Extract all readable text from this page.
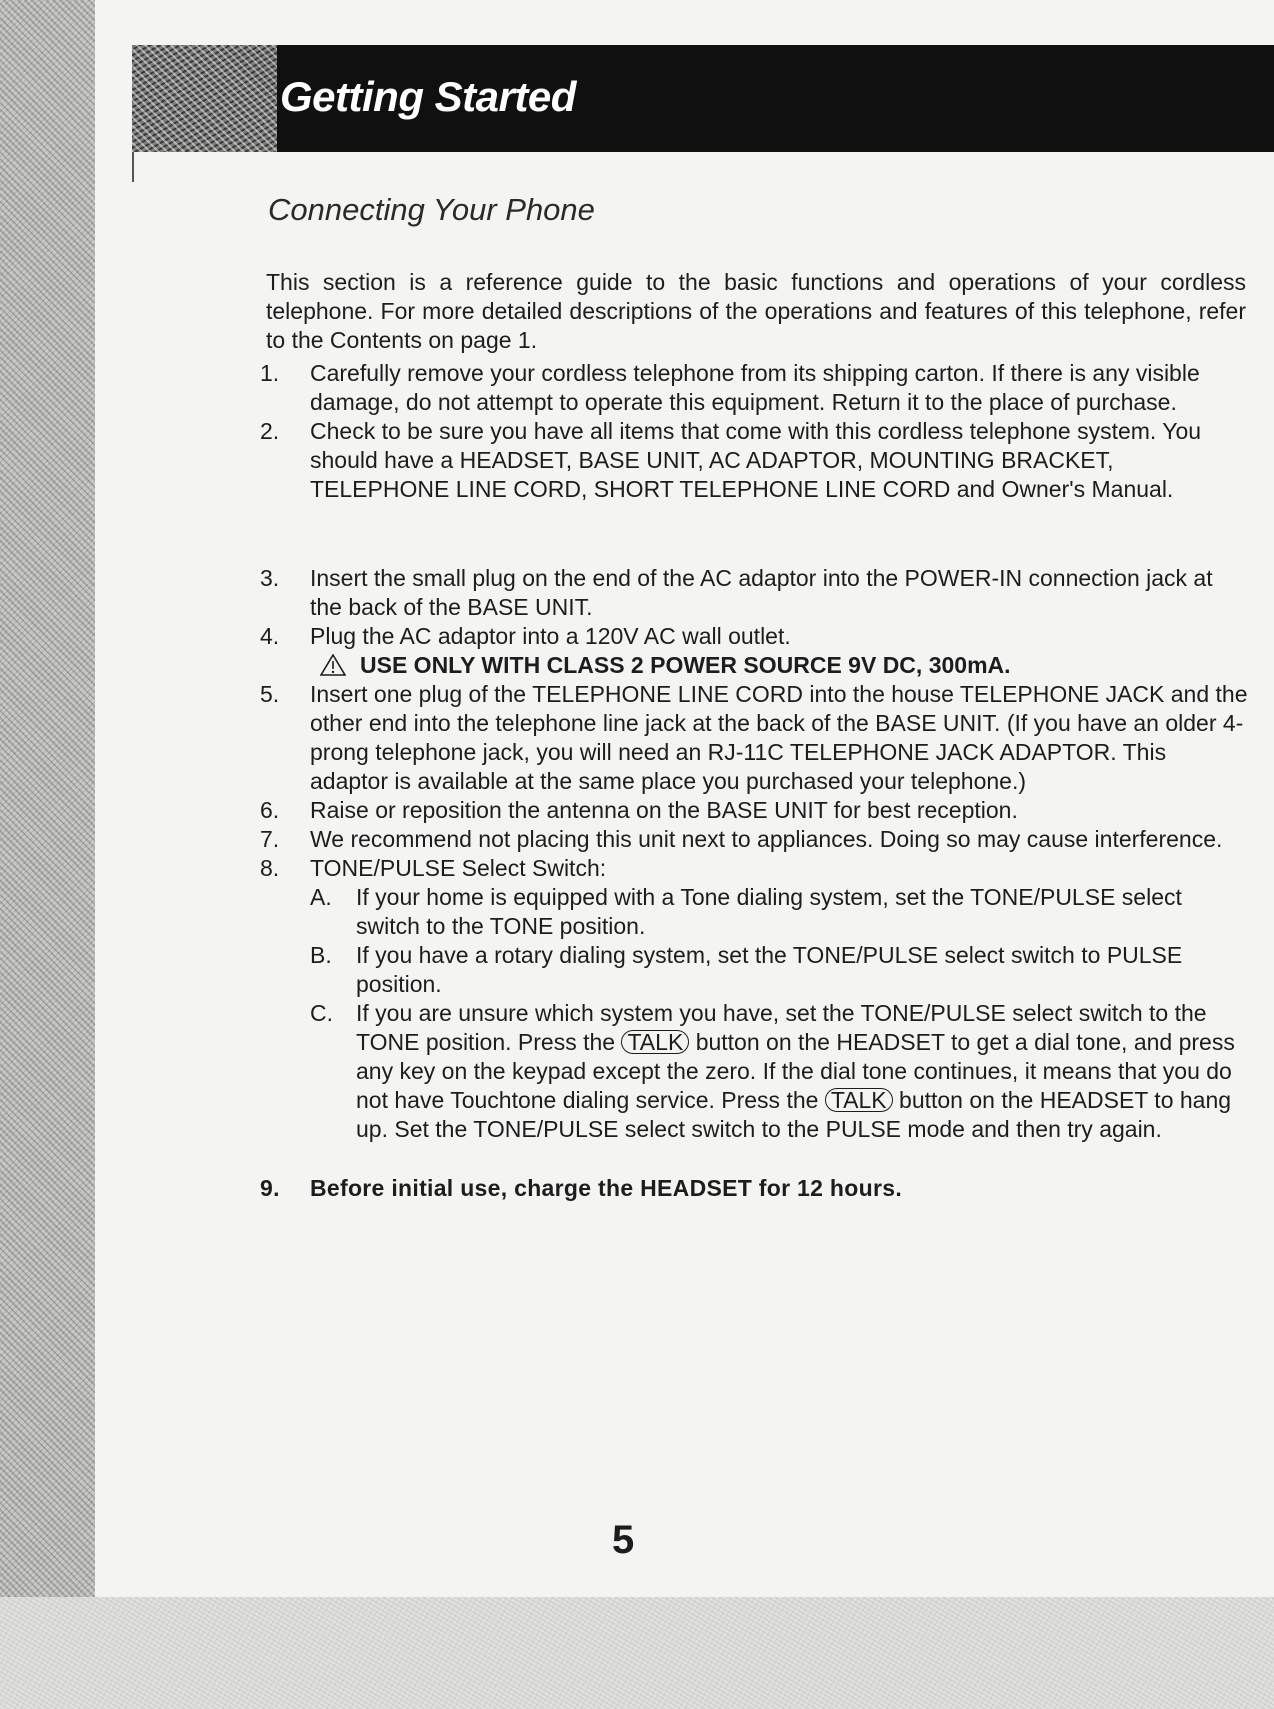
Getting Started
Connecting Your Phone

This section is a reference guide to the basic functions and operations of your cordless telephone. For more detailed descriptions of the operations and features of this telephone, refer to the Contents on page 1.

1. Carefully remove your cordless telephone from its shipping carton. If there is any visible damage, do not attempt to operate this equipment. Return it to the place of purchase.
2. Check to be sure you have all items that come with this cordless telephone system. You should have a HEADSET, BASE UNIT, AC ADAPTOR, MOUNTING BRACKET, TELEPHONE LINE CORD, SHORT TELEPHONE LINE CORD and Owner's Manual.
3. Insert the small plug on the end of the AC adaptor into the POWER-IN connection jack at the back of the BASE UNIT.
4. Plug the AC adaptor into a 120V AC wall outlet.
USE ONLY WITH CLASS 2 POWER SOURCE 9V DC, 300mA.
5. Insert one plug of the TELEPHONE LINE CORD into the house TELEPHONE JACK and the other end into the telephone line jack at the back of the BASE UNIT. (If you have an older 4-prong telephone jack, you will need an RJ-11C TELEPHONE JACK ADAPTOR. This adaptor is available at the same place you purchased your telephone.)
6. Raise or reposition the antenna on the BASE UNIT for best reception.
7. We recommend not placing this unit next to appliances. Doing so may cause interference.
8. TONE/PULSE Select Switch:
A. If your home is equipped with a Tone dialing system, set the TONE/PULSE select switch to the TONE position.
B. If you have a rotary dialing system, set the TONE/PULSE select switch to PULSE position.
C. If you are unsure which system you have, set the TONE/PULSE select switch to the TONE position. Press the TALK button on the HEADSET to get a dial tone, and press any key on the keypad except the zero. If the dial tone continues, it means that you do not have Touchtone dialing service. Press the TALK button on the HEADSET to hang up. Set the TONE/PULSE select switch to the PULSE mode and then try again.
9. Before initial use, charge the HEADSET for 12 hours.
5
